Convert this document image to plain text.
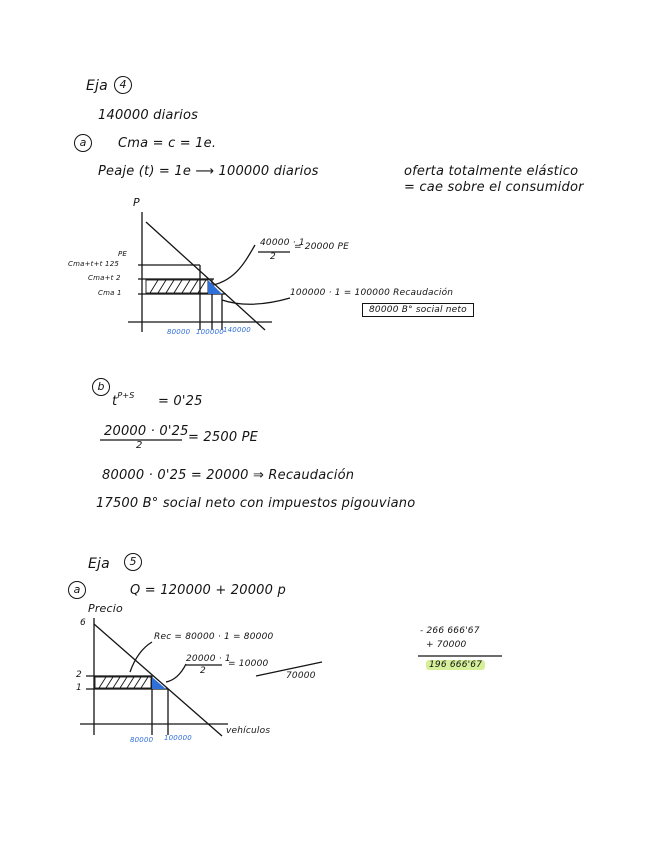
Eja	4
140000 diarios
a	Cma = c = 1e.
Peaje (t) = 1e ⟶ 100000 diarios	oferta totalmente elástico
= cae sobre el consumidor
P
PE
Cma+t+t 125
Cma+t 2
Cma 1
80000 100000 140000
40000 · 1
2
= 20000 PE
100000 · 1 = 100000 Recaudación
80000 B° social neto
b
$t^{P+S} = 0'25$
20000 · 0'25
2
= 2500 PE
80000 · 0'25 = 20000 ⇒ Recaudación
17500 B° social neto con impuestos pigouviano
Eja	5
a	Q = 120000 + 20000 p
Precio
6
2
1
80000 100000
vehículos
Rec = 80000 · 1 = 80000
20000 · 1
2
= 10000
70000
- 266 666'67
+ 70000
196 666'67
